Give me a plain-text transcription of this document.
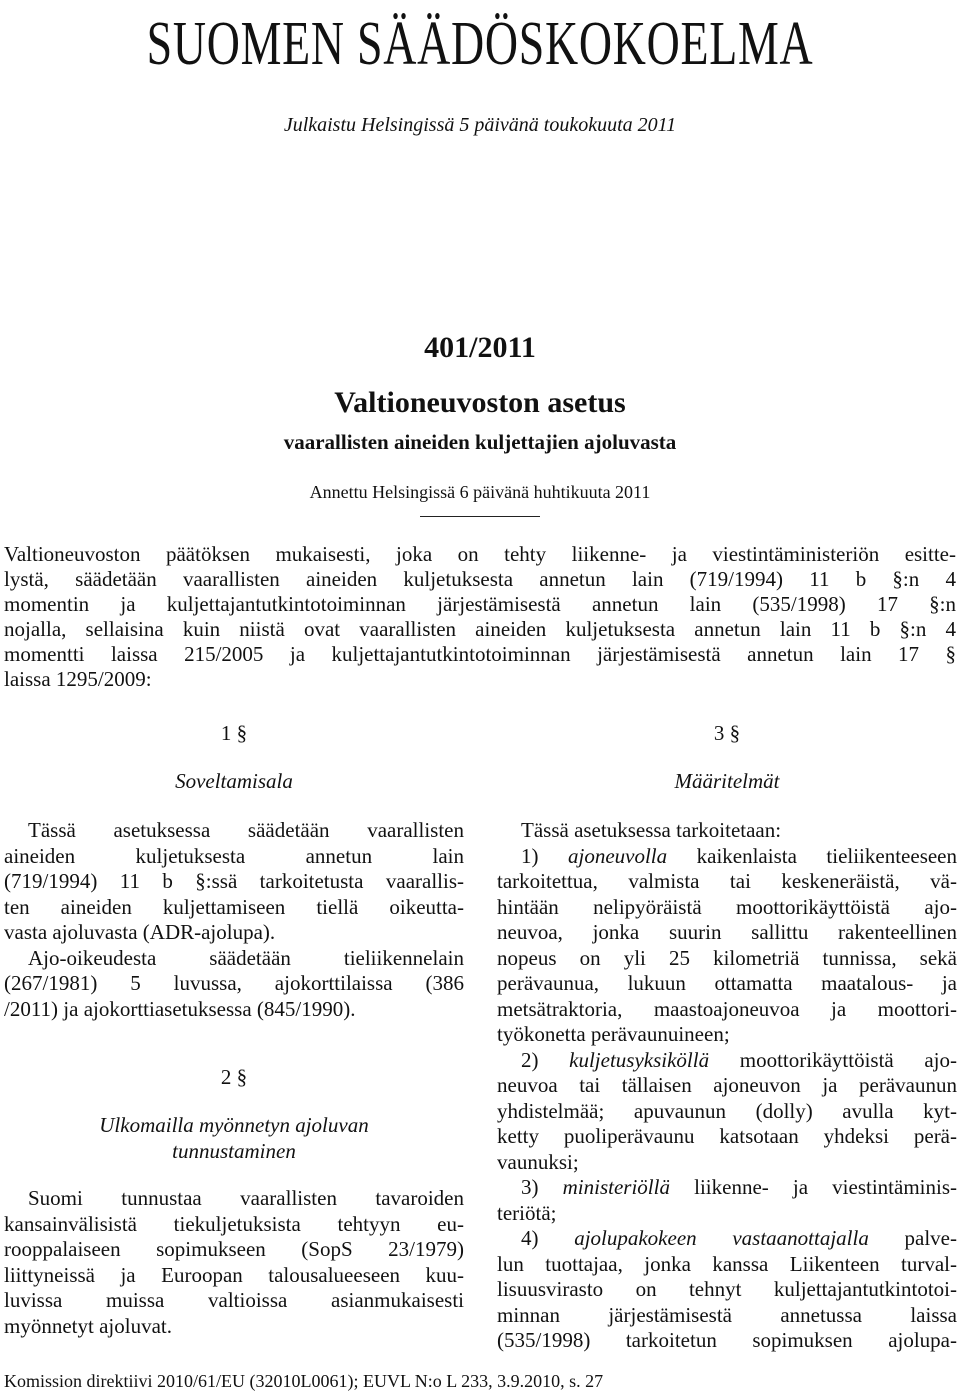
SUOMEN SÄÄDÖSKOKOELMA
Julkaistu Helsingissä 5 päivänä toukokuuta 2011
401/2011
Valtioneuvoston asetus
vaarallisten aineiden kuljettajien ajoluvasta
Annettu Helsingissä 6 päivänä huhtikuuta 2011
Valtioneuvoston päätöksen mukaisesti, joka on tehty liikenne- ja viestintäministeriön esitte-
lystä, säädetään vaarallisten aineiden kuljetuksesta annetun lain (719/1994) 11 b §:n 4
momentin ja kuljettajantutkintotoiminnan järjestämisestä annetun lain (535/1998) 17 §:n
nojalla, sellaisina kuin niistä ovat vaarallisten aineiden kuljetuksesta annetun lain 11 b §:n 4
momentti laissa 215/2005 ja kuljettajantutkintotoiminnan järjestämisestä annetun lain 17 §
laissa 1295/2009:
1 §
Soveltamisala
Tässä asetuksessa säädetään vaarallisten
aineiden kuljetuksesta annetun lain
(719/1994) 11 b §:ssä tarkoitetusta vaarallis-
ten aineiden kuljettamiseen tiellä oikeutta-
vasta ajoluvasta (ADR-ajolupa).
Ajo-oikeudesta säädetään tieliikennelain
(267/1981) 5 luvussa, ajokorttilaissa (386
/2011) ja ajokorttiasetuksessa (845/1990).
2 §
Ulkomailla myönnetyn ajoluvan
tunnustaminen
Suomi tunnustaa vaarallisten tavaroiden
kansainvälisistä tiekuljetuksista tehtyyn eu-
rooppalaiseen sopimukseen (SopS 23/1979)
liittyneissä ja Euroopan talousalueeseen kuu-
luvissa muissa valtioissa asianmukaisesti
myönnetyt ajoluvat.
3 §
Määritelmät
Tässä asetuksessa tarkoitetaan:
1) ajoneuvolla kaikenlaista tieliikenteeseen
tarkoitettua, valmista tai keskeneräistä, vä-
hintään nelipyöräistä moottorikäyttöistä ajo-
neuvoa, jonka suurin sallittu rakenteellinen
nopeus on yli 25 kilometriä tunnissa, sekä
perävaunua, lukuun ottamatta maatalous- ja
metsätraktoria, maastoajoneuvoa ja moottori-
työkonetta perävaunuineen;
2) kuljetusyksiköllä moottorikäyttöistä ajo-
neuvoa tai tällaisen ajoneuvon ja perävaunun
yhdistelmää; apuvaunun (dolly) avulla kyt-
ketty puoliperävaunu katsotaan yhdeksi perä-
vaunuksi;
3) ministeriöllä liikenne- ja viestintäminis-
teriötä;
4) ajolupakokeen vastaanottajalla palve-
lun tuottajaa, jonka kanssa Liikenteen turval-
lisuusvirasto on tehnyt kuljettajantutkintotoi-
minnan järjestämisestä annetussa laissa
(535/1998) tarkoitetun sopimuksen ajolupa-
Komission direktiivi 2010/61/EU (32010L0061); EUVL N:o L 233, 3.9.2010, s. 27
